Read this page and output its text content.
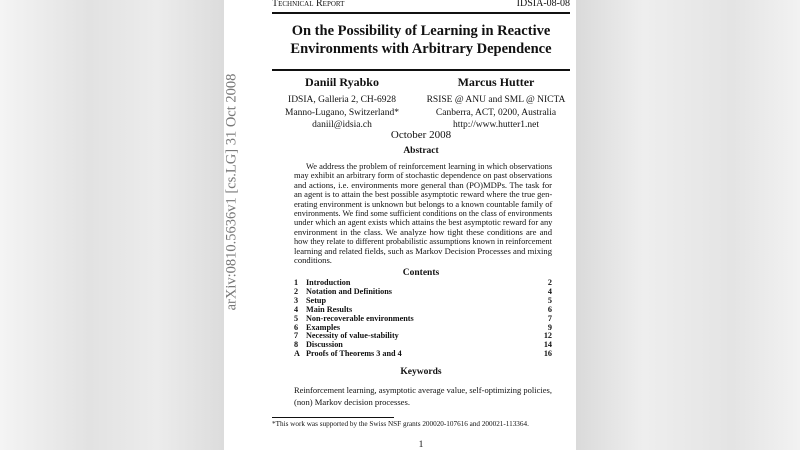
Technical Report	IDSIA-08-08
On the Possibility of Learning in Reactive
Environments with Arbitrary Dependence
Daniil Ryabko
IDSIA, Galleria 2, CH-6928
Manno-Lugano, Switzerland*
daniil@idsia.ch
Marcus Hutter
RSISE @ ANU and SML @ NICTA
Canberra, ACT, 0200, Australia
http://www.hutter1.net
October 2008
Abstract
We address the problem of reinforcement learning in which observations
may exhibit an arbitrary form of stochastic dependence on past observations
and actions, i.e. environments more general than (PO)MDPs. The task for
an agent is to attain the best possible asymptotic reward where the true gen-
erating environment is unknown but belongs to a known countable family of
environments. We find some sufficient conditions on the class of environments
under which an agent exists which attains the best asymptotic reward for any
environment in the class. We analyze how tight these conditions are and
how they relate to different probabilistic assumptions known in reinforcement
learning and related fields, such as Markov Decision Processes and mixing
conditions.
Contents
1 Introduction	2
2 Notation and Definitions	4
3 Setup	5
4 Main Results	6
5 Non-recoverable environments	7
6 Examples	9
7 Necessity of value-stability	12
8 Discussion	14
A Proofs of Theorems 3 and 4	16
Keywords
Reinforcement learning, asymptotic average value, self-optimizing policies,
(non) Markov decision processes.
*This work was supported by the Swiss NSF grants 200020-107616 and 200021-113364.
1
arXiv:0810.5636v1 [cs.LG] 31 Oct 2008
